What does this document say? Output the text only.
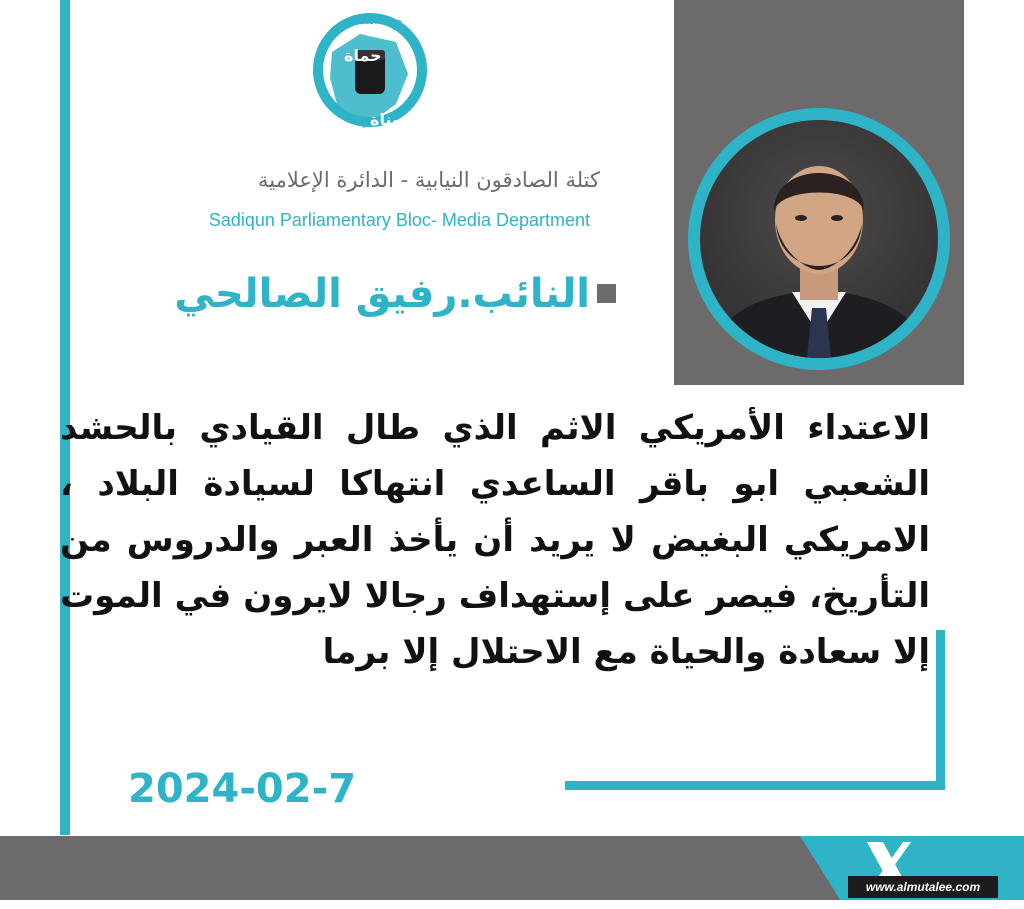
حركة الصادقون
حماة
بناة
كتلة الصادقون النيابية - الدائرة الإعلامية
Sadiqun Parliamentary Bloc- Media Department
النائب.رفيق الصالحي
الاعتداء الأمريكي الاثم الذي طال القيادي بالحشد الشعبي ابو باقر الساعدي انتهاكا لسيادة البلاد ، الامريكي البغيض لا يريد أن يأخذ العبر والدروس من التأريخ، فيصر على إستهداف رجالا لايرون في الموت إلا سعادة والحياة مع الاحتلال إلا برما
2024-02-7
www.almutalee.com
